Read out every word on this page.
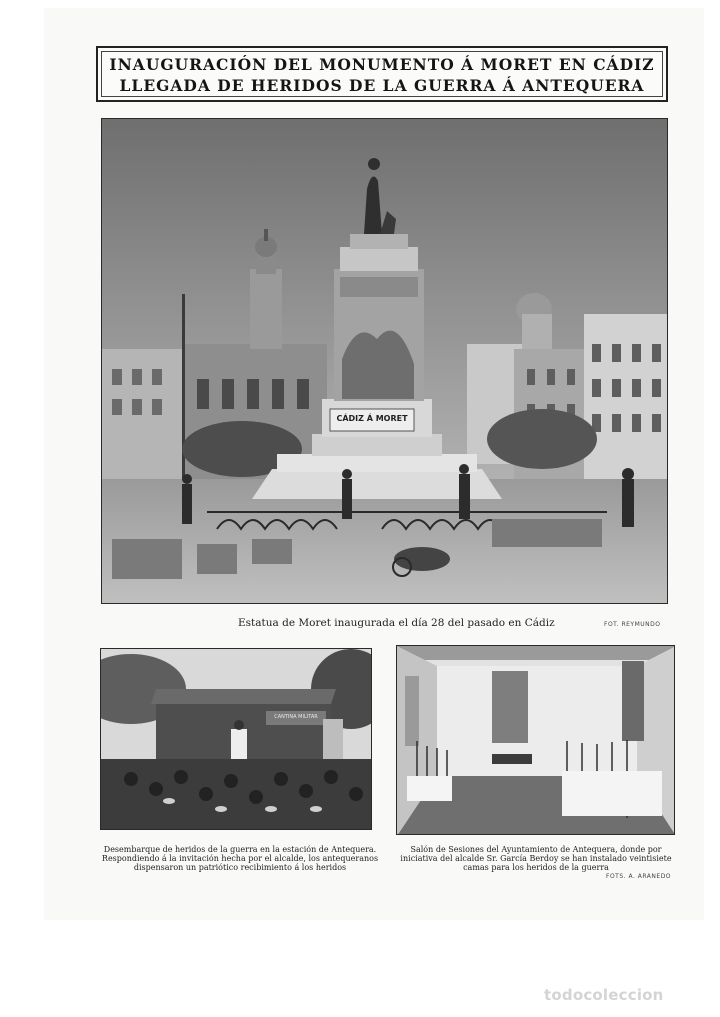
INAUGURACIÓN DEL MONUMENTO Á MORET EN CÁDIZ
LLEGADA DE HERIDOS DE LA GUERRA Á ANTEQUERA
CÁDIZ Á MORET
Estatua de Moret inaugurada el día 28 del pasado en Cádiz	FOT. REYMUNDO
CANTINA MILITAR
Desembarque de heridos de la guerra en la estación de Antequera.
Respondiendo á la invitación hecha por el alcalde, los antequeranos
dispensaron un patriótico recibimiento á los heridos
Salón de Sesiones del Ayuntamiento de Antequera, donde por
iniciativa del alcalde Sr. García Berdoy se han instalado veintisiete
camas para los heridos de la guerra
FOTS. A. ARANEDO
todocoleccion
